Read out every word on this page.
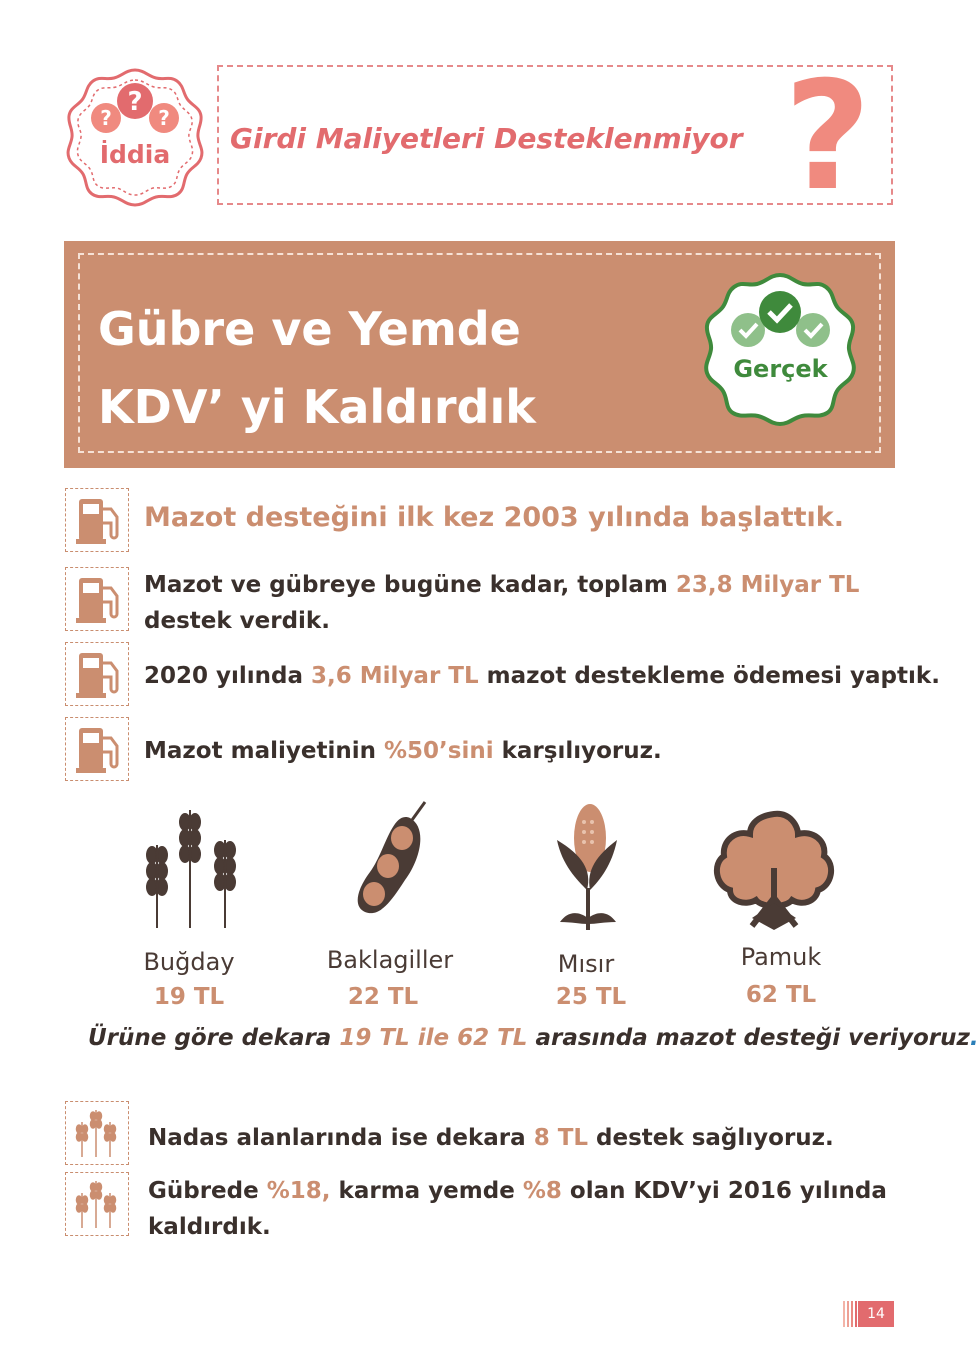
? ?
?
İddia	Girdi Maliyetleri Desteklenmiyor ?
Gübre ve Yemde
KDV’ yi Kaldırdık
Gerçek
Mazot desteğini ilk kez 2003 yılında başlattık.
Mazot ve gübreye bugüne kadar, toplam 23,8 Milyar TL
destek verdik.
2020 yılında 3,6 Milyar TL mazot destekleme ödemesi yaptık.
Mazot maliyetinin %50’sini karşılıyoruz.
Buğday
19 TL
Baklagiller
22 TL
Mısır
25 TL
Pamuk
62 TL
Ürüne göre dekara 19 TL ile 62 TL arasında mazot desteği veriyoruz.
Nadas alanlarında ise dekara 8 TL destek sağlıyoruz.
Gübrede %18, karma yemde %8 olan KDV’yi 2016 yılında
kaldırdık.
14
